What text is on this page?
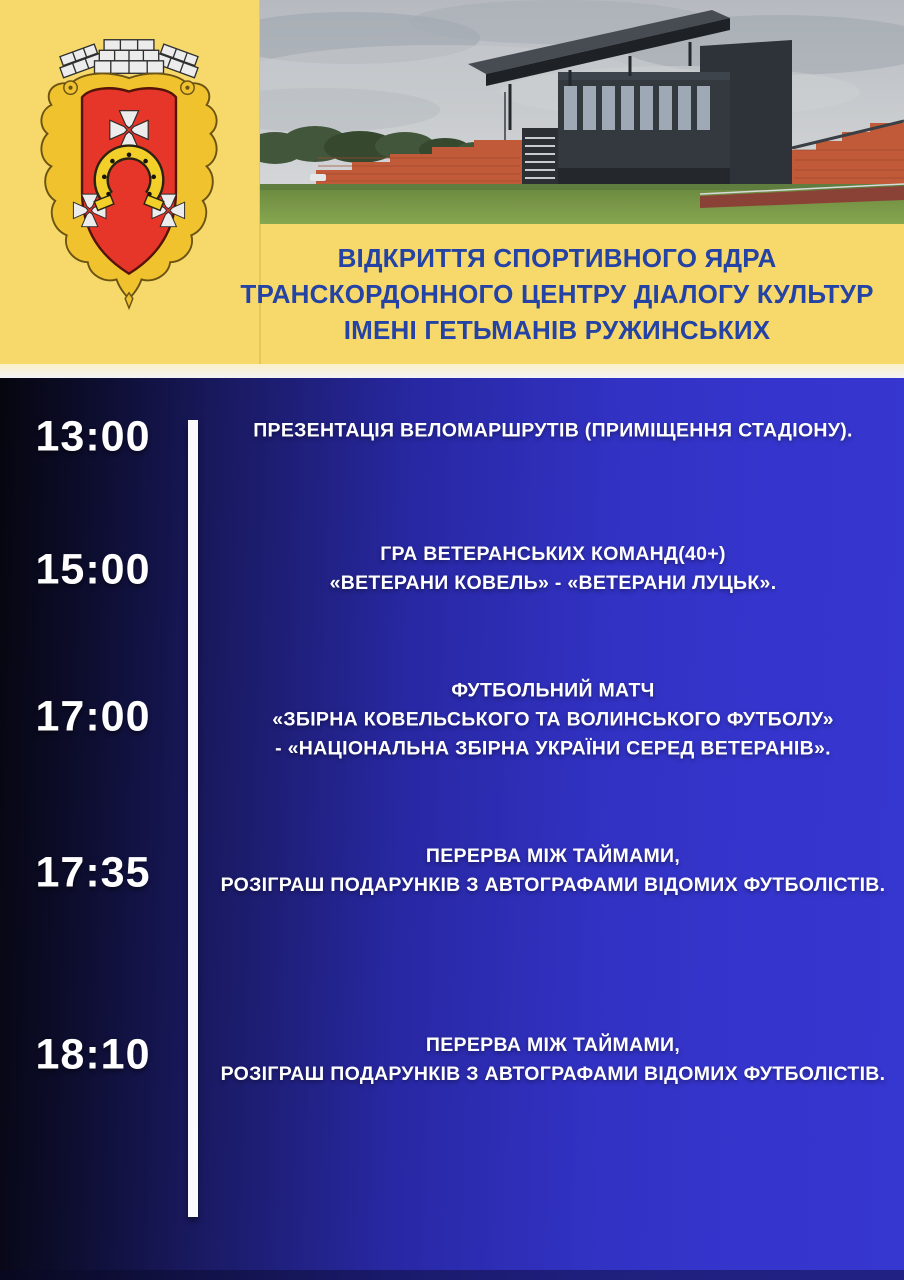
ВІДКРИТТЯ СПОРТИВНОГО ЯДРА
ТРАНСКОРДОННОГО ЦЕНТРУ ДІАЛОГУ КУЛЬТУР
ІМЕНІ ГЕТЬМАНІВ РУЖИНСЬКИХ
13:00	ПРЕЗЕНТАЦІЯ ВЕЛОМАРШРУТІВ (ПРИМІЩЕННЯ СТАДІОНУ).
15:00	ГРА ВЕТЕРАНСЬКИХ КОМАНД(40+)
«ВЕТЕРАНИ КОВЕЛЬ» - «ВЕТЕРАНИ ЛУЦЬК».
17:00
ФУТБОЛЬНИЙ МАТЧ
«ЗБІРНА КОВЕЛЬСЬКОГО ТА ВОЛИНСЬКОГО ФУТБОЛУ»
- «НАЦІОНАЛЬНА ЗБІРНА УКРАЇНИ СЕРЕД ВЕТЕРАНІВ».
17:35	ПЕРЕРВА МІЖ ТАЙМАМИ,
РОЗІГРАШ ПОДАРУНКІВ З АВТОГРАФАМИ ВІДОМИХ ФУТБОЛІСТІВ.
18:10	ПЕРЕРВА МІЖ ТАЙМАМИ,
РОЗІГРАШ ПОДАРУНКІВ З АВТОГРАФАМИ ВІДОМИХ ФУТБОЛІСТІВ.
